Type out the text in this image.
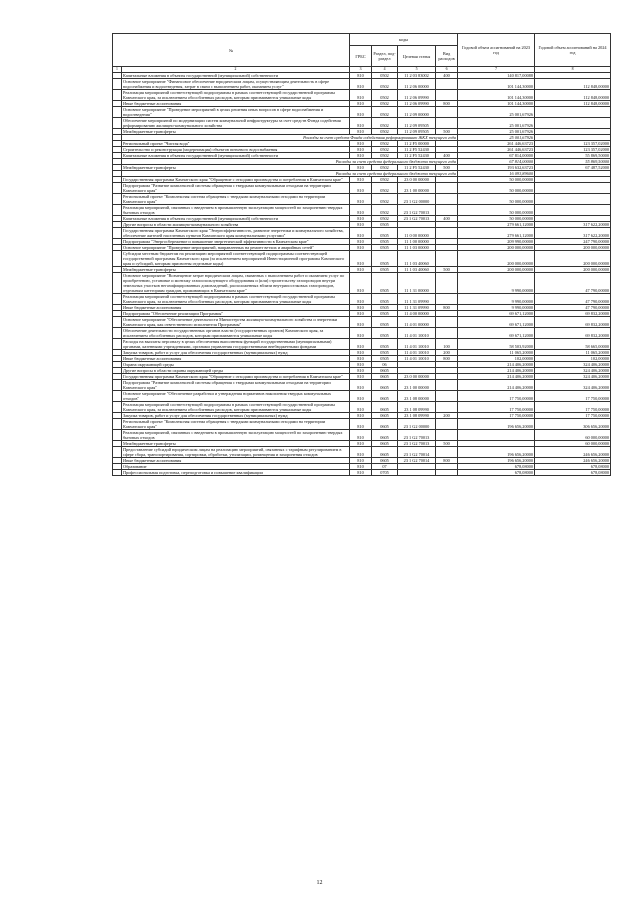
№		коды				Годовой объем ассигнований на 2023 год	Годовой объем ассигнований на 2024 год
		ГРБС	Раздел, под-раздел	Целевая статья	Вид расходов		
1	2	3	4	5	6	7	8
	Капитальные вложения в объекты государственной (муниципальной) собственности	810	0502	11 2 03 83002	400	140 817,00088	
	Основное мероприятие "Финансовое обеспечение юридическим лицам, осуществляющим деятельность в сфере водоснабжения и водоотведения, затрат в связи с выполнением работ, оказанием услуг"	810	0502	11 2 06 00000		101 144,30000	112 848,00000
	Реализация мероприятий соответствующей подпрограммы в рамках соответствующей государственной программы Камчатского края, за исключением обособленных расходов, которым присваиваются уникальные коды	810	0502	11 2 06 09990		101 144,30000	112 848,00000
	Иные бюджетные ассигнования	810	0502	11 2 06 09990	800	101 144,30000	112 848,00000
	Основное мероприятие "Проведение мероприятий в целях решения иных вопросов в сфере водоснабжения и водоотведения"	810	0502	11 2 09 00000		25 001,67926	
	Обеспечение мероприятий по модернизации систем коммунальной инфраструктуры за счет средств Фонда содействия реформированию жилищно-коммунального хозяйства	810	0502	11 2 09 09505		25 001,67926	
	Межбюджетные трансферты	810	0502	11 2 09 09505	500	25 001,67926	
	Расходы за счет средств Фонда содействия реформированию ЖКХ текущего года					25 001,67926	
	Региональный проект "Чистая вода"	810	0502	11 2 F5 00000		261 446,63723	123 357,02000
	Строительство и реконструкция (модернизация) объектов питьевого водоснабжения	810	0502	11 2 F5 52430		261 446,63723	123 357,02000
	Капитальные вложения в объекты государственной (муниципальной) собственности	810	0502	11 2 F5 52430	400	67 814,00000	55 869,50000
	Расходы за счет средств федерального бюджета текущего года					67 814,00000	55 869,50000
	Межбюджетные трансферты	810	0502	11 2 F5 52430	500	193 632,63723	67 487,52000
	Расходы за счет средств федерального бюджета текущего года					16 093,89600	
	Государственная программа Камчатского края "Обращение с отходами производства и потребления в Камчатском крае"	810	0502	23 0 00 00000		50 000,00000	
	Подпрограмма "Развитие комплексной системы обращения с твердыми коммунальными отходами на территории Камчатского края"	810	0502	23 1 00 00000		50 000,00000	
	Региональный проект "Комплексная система обращения с твердыми коммунальными отходами на территории Камчатского края"	810	0502	23 1 G2 00000		50 000,00000	
	Реализация мероприятий, связанных с введением в промышленную эксплуатацию мощностей по захоронению твердых бытовых отходов	810	0502	23 1 G2 70013		50 000,00000	
	Капитальные вложения в объекты государственной (муниципальной) собственности	810	0502	23 1 G2 70013	400	50 000,00000	
	Другие вопросы в области жилищно-коммунального хозяйства	810	0505			279 661,12000	317 622,20000
	Государственная программа Камчатского края "Энергоэффективность, развитие энергетики и коммунального хозяйства, обеспечение жителей населенных пунктов Камчатского края коммунальными услугами"	810	0505	11 0 00 00000		279 661,12000	317 622,20000
	Подпрограмма "Энергосбережение и повышение энергетической эффективности в Камчатском крае"	810	0505	11 1 00 00000		209 990,00000	247 790,00000
	Основное мероприятие "Проведение мероприятий, направленных на ремонт ветхих и аварийных сетей"	810	0505	11 1 03 00000		200 000,00000	200 000,00000
	Субсидии местным бюджетам на реализацию мероприятий соответствующей подпрограммы соответствующей государственной программы Камчатского края (за исключением мероприятий Инвестиционной программы Камчатского края и субсидий, которым присвоены отдельные коды)	810	0505	11 1 03 40060		200 000,00000	200 000,00000
	Межбюджетные трансферты	810	0505	11 1 03 40060	500	200 000,00000	200 000,00000
	Основное мероприятие "Возмещение затрат юридическим лицам, связанных с выполнением работ и оказанием услуг по приобретению, установке и монтажу газоиспользующего оборудования и (или) строительству газопроводов внутри земельных участков негазифицированных домовладений, расположенных вблизи внутрипоселковых газопроводов, отдельным категориям граждан, проживающих в Камчатском крае"	810	0505	11 1 31 00000		9 990,00000	47 790,00000
	Реализация мероприятий соответствующей подпрограммы в рамках соответствующей государственной программы Камчатского края, за исключением обособленных расходов, которым присваиваются уникальные коды	810	0505	11 1 31 09990		9 990,00000	47 790,00000
	Иные бюджетные ассигнования	810	0505	11 1 31 09990	800	9 990,00000	47 790,00000
	Подпрограмма "Обеспечение реализации Программы"	810	0505	11 4 00 00000		69 671,12000	69 832,20000
	Основное мероприятие "Обеспечение деятельности Министерства жилищно-коммунального хозяйства и энергетики Камчатского края, как ответственного исполнителя Программы"	810	0505	11 4 01 00000		69 671,12000	69 832,20000
	Обеспечение деятельности государственных органов власти (государственных органов) Камчатского края, за исключением обособленных расходов, которым присваиваются уникальные коды	810	0505	11 4 01 10010		69 671,12000	69 832,20000
	Расходы на выплаты персоналу в целях обеспечения выполнения функций государственными (муниципальными) органами, казенными учреждениями, органами управления государственными внебюджетными фондами	810	0505	11 4 01 10010	100	58 503,92000	58 665,00000
	Закупка товаров, работ и услуг для обеспечения государственных (муниципальных) нужд	810	0505	11 4 01 10010	200	11 065,20000	11 065,20000
	Иные бюджетные ассигнования	810	0505	11 4 01 10010	800	102,00000	102,00000
	Охрана окружающей среды	810	06			214 406,20000	324 406,20000
	Другие вопросы в области охраны окружающей среды	810	0605			214 406,20000	324 406,20000
	Государственная программа Камчатского края "Обращение с отходами производства и потребления в Камчатском крае"	810	0605	23 0 00 00000		214 406,20000	324 406,20000
	Подпрограмма "Развитие комплексной системы обращения с твердыми коммунальными отходами на территории Камчатского края"	810	0605	23 1 00 00000		214 406,20000	324 406,20000
	Основное мероприятие "Обеспечение разработки и утверждения нормативов накопления твердых коммунальных отходов"	810	0605	23 1 08 00000		17 750,00000	17 750,00000
	Реализация мероприятий соответствующей подпрограммы в рамках соответствующей государственной программы Камчатского края, за исключением обособленных расходов, которым присваиваются уникальные коды	810	0605	23 1 08 09990		17 750,00000	17 750,00000
	Закупка товаров, работ и услуг для обеспечения государственных (муниципальных) нужд	810	0605	23 1 08 09990	200	17 750,00000	17 750,00000
	Региональный проект "Комплексная система обращения с твердыми коммунальными отходами на территории Камчатского края"	810	0605	23 1 G2 00000		196 656,20000	306 656,20000
	Реализация мероприятий, связанных с введением в промышленную эксплуатацию мощностей по захоронению твердых бытовых отходов	810	0605	23 1 G2 70013			60 000,00000
	Межбюджетные трансферты	810	0605	23 1 G2 70013	500		60 000,00000
	Предоставление субсидий юридическим лицам на реализацию мероприятий, связанных с тарифным регулированием в сфере сбора, транспортирования, сортировки, обработки, утилизации, размещения и захоронения отходов	810	0605	23 1 G2 70014		196 656,20000	246 656,20000
	Иные бюджетные ассигнования	810	0605	23 1 G2 70014	800	196 656,20000	246 656,20000
	Образование	810	07			678,08000	678,08000
	Профессиональная подготовка, переподготовка и повышение квалификации	810	0705			678,08000	678,08000
12
